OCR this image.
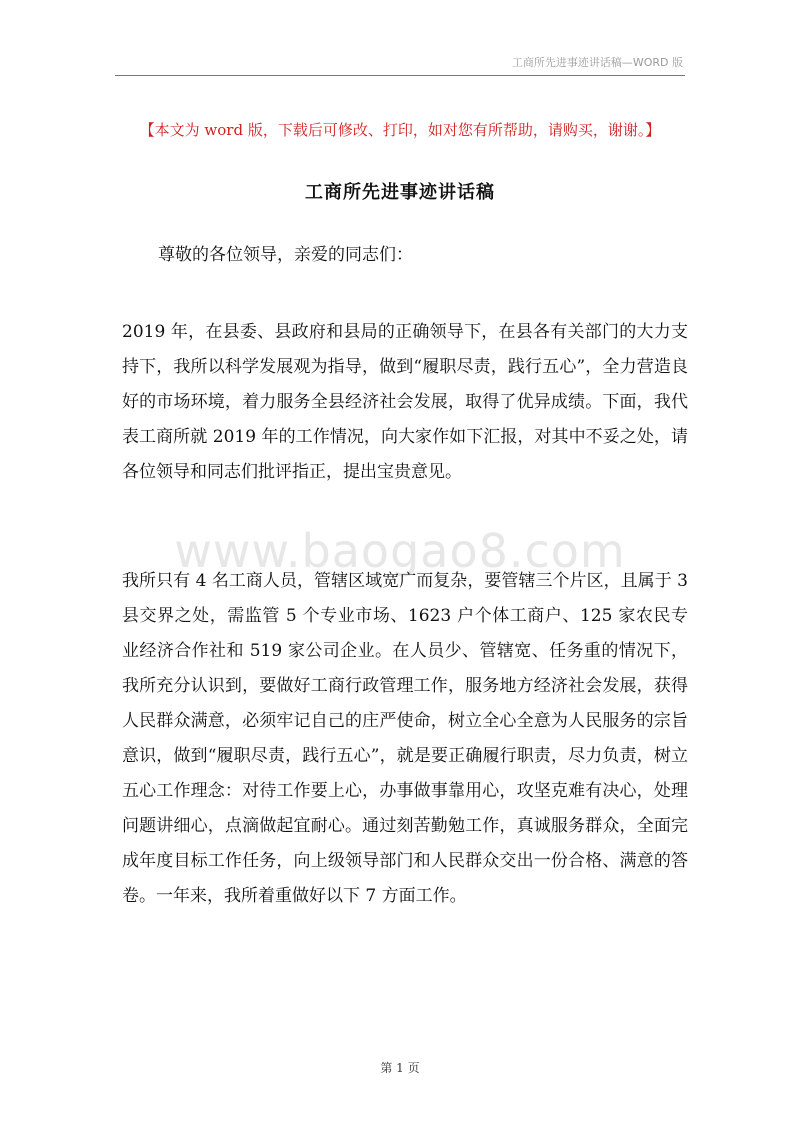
工商所先进事迹讲话稿—WORD 版
【本文为 word 版，下载后可修改、打印，如对您有所帮助，请购买，谢谢。】
www.baogao8.com
工商所先进事迹讲话稿
尊敬的各位领导，亲爱的同志们：

2019 年，在县委、县政府和县局的正确领导下，在县各有关部门的大力支持下，我所以科学发展观为指导，做到“履职尽责，践行五心”，全力营造良好的市场环境，着力服务全县经济社会发展，取得了优异成绩。下面，我代表工商所就 2019 年的工作情况，向大家作如下汇报，对其中不妥之处，请各位领导和同志们批评指正，提出宝贵意见。

我所只有 4 名工商人员，管辖区域宽广而复杂，要管辖三个片区，且属于 3 县交界之处，需监管 5 个专业市场、1623 户个体工商户、125 家农民专业经济合作社和 519 家公司企业。在人员少、管辖宽、任务重的情况下，我所充分认识到，要做好工商行政管理工作，服务地方经济社会发展，获得人民群众满意，必须牢记自己的庄严使命，树立全心全意为人民服务的宗旨意识，做到“履职尽责，践行五心”，就是要正确履行职责，尽力负责，树立五心工作理念：对待工作要上心，办事做事靠用心，攻坚克难有决心，处理问题讲细心，点滴做起宜耐心。通过刻苦勤勉工作，真诚服务群众，全面完成年度目标工作任务，向上级领导部门和人民群众交出一份合格、满意的答卷。一年来，我所着重做好以下 7 方面工作。

第 1 页
